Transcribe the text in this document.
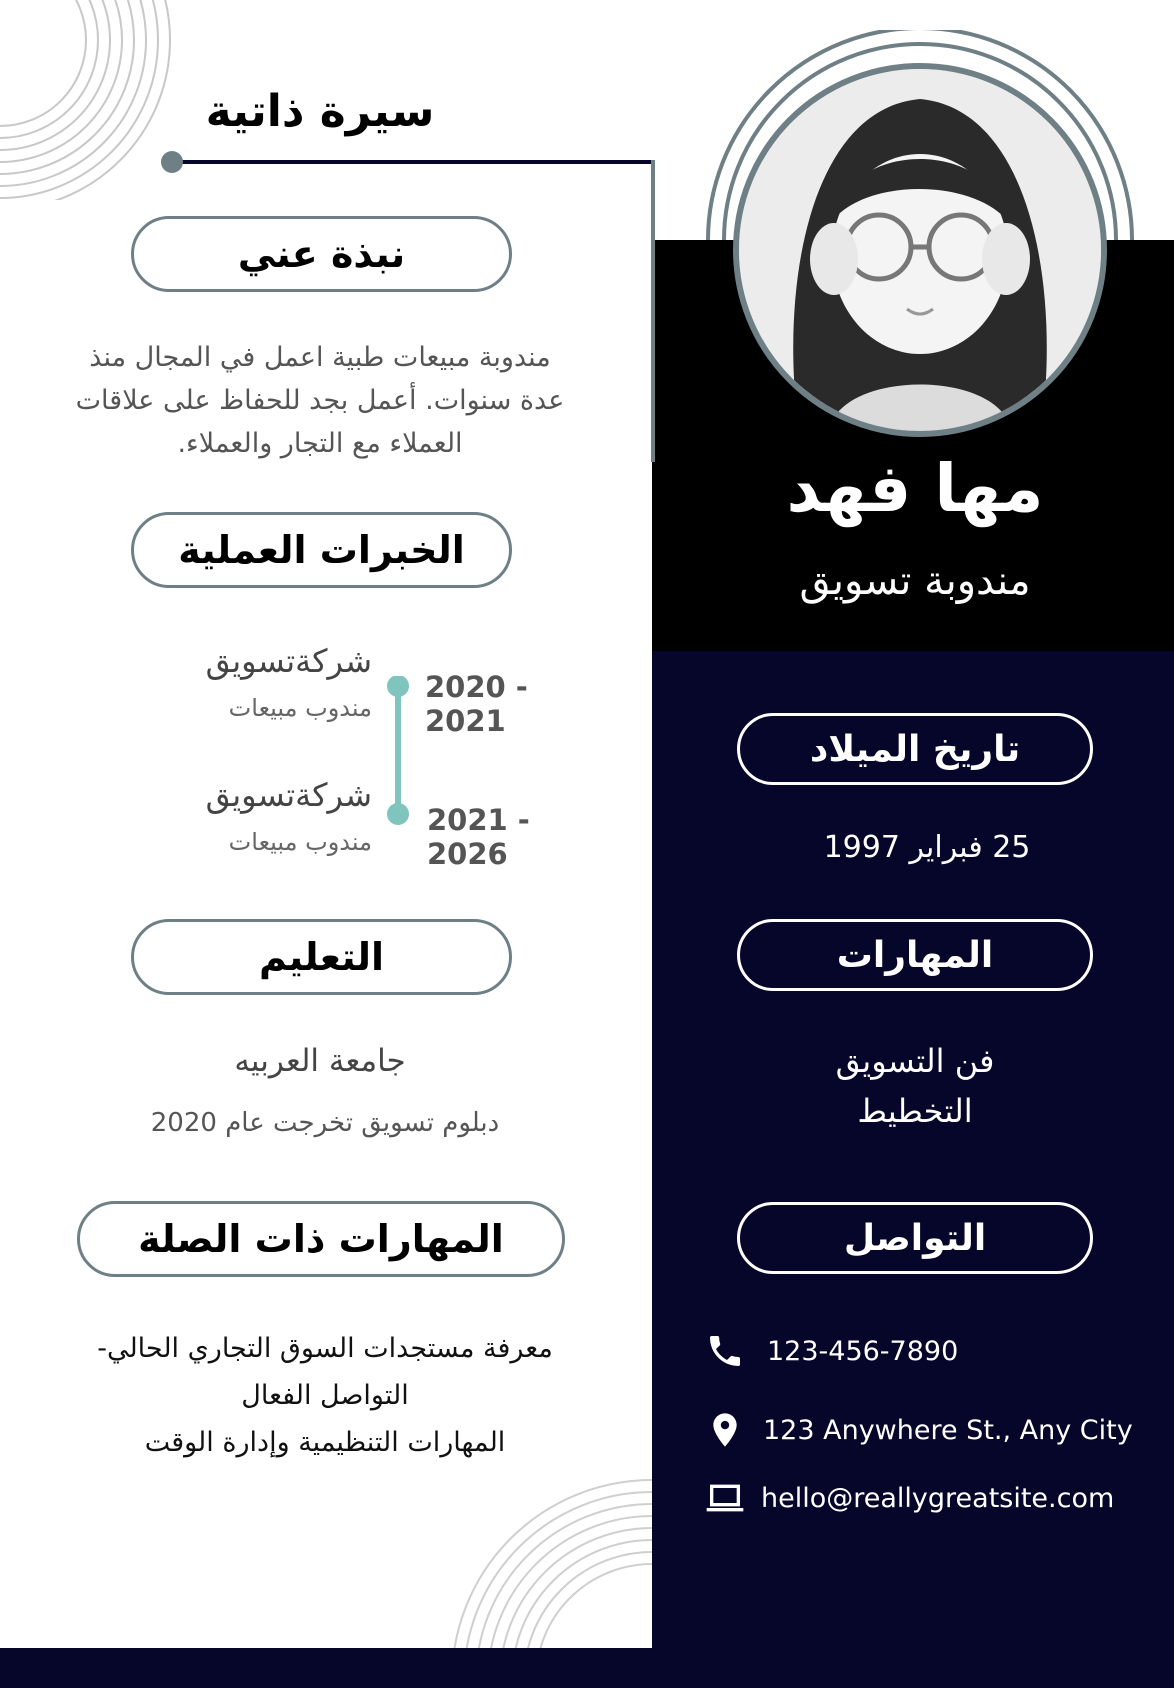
سيرة ذاتية
مها فهد
مندوبة تسويق
تاريخ الميلاد
25 فبراير 1997
المهارات
فن التسويق
التخطيط
التواصل
123-456-7890
123 Anywhere St., Any City
hello@reallygreatsite.com
نبذة عني
مندوبة مبيعات طبية اعمل في المجال منذ
عدة سنوات. أعمل بجد للحفاظ على علاقات
العملاء مع التجار والعملاء.
الخبرات العملية
2020 - 2021
شركةتسويق
مندوب مبيعات
2021 - 2026
شركةتسويق
مندوب مبيعات
التعليم
جامعة العربيه
دبلوم تسويق تخرجت عام 2020
المهارات ذات الصلة
معرفة مستجدات السوق التجاري الحالي-
التواصل الفعال
المهارات التنظيمية وإدارة الوقت
